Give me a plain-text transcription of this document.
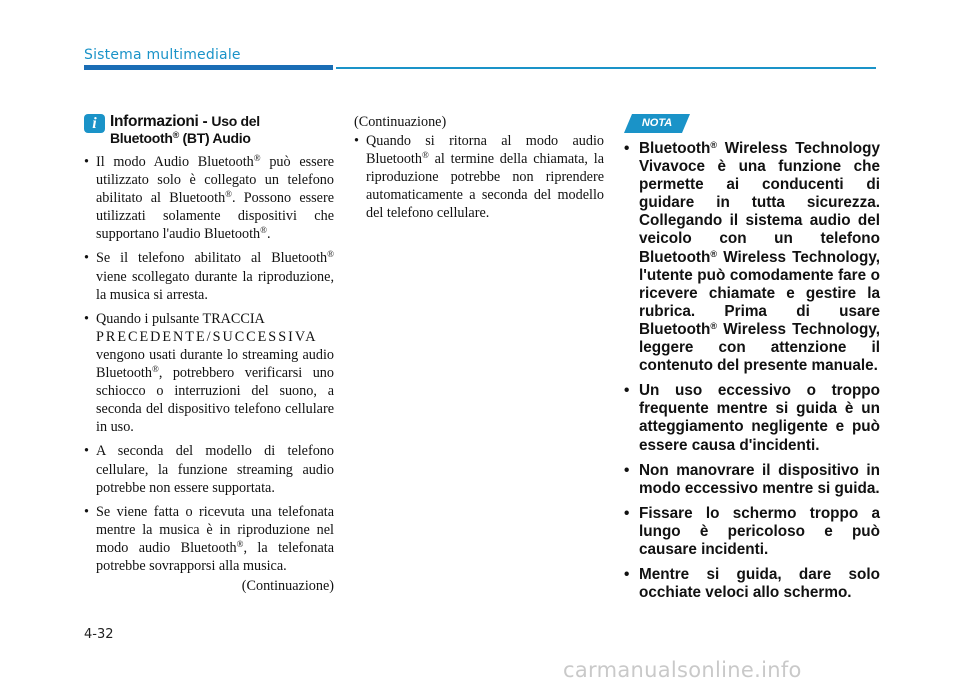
Sistema multimediale
i Informazioni - Uso del
Bluetooth® (BT) Audio
• Il modo Audio Bluetooth® può essere utilizzato solo è collegato un telefono abilitato al Bluetooth®. Possono essere utilizzati solamente dispositivi che supportano l'audio Bluetooth®.
• Se il telefono abilitato al Bluetooth® viene scollegato durante la riproduzione, la musica si arresta.
• Quando i pulsante TRACCIA
PRECEDENTE/SUCCESSIVA vengono usati durante lo streaming audio Bluetooth®, potrebbero verificarsi uno schiocco o interruzioni del suono, a seconda del dispositivo telefono cellulare in uso.
• A seconda del modello di telefono cellulare, la funzione streaming audio potrebbe non essere supportata.
• Se viene fatta o ricevuta una telefonata mentre la musica è in riproduzione nel modo audio Bluetooth®, la telefonata potrebbe sovrapporsi alla musica.
(Continuazione)
(Continuazione)
• Quando si ritorna al modo audio Bluetooth® al termine della chiamata, la riproduzione potrebbe non riprendere automaticamente a seconda del modello del telefono cellulare.
NOTA
• Bluetooth® Wireless Technology Vivavoce è una funzione che permette ai conducenti di guidare in tutta sicurezza. Collegando il sistema audio del veicolo con un telefono Bluetooth® Wireless Technology, l'utente può comodamente fare o ricevere chiamate e gestire la rubrica. Prima di usare Bluetooth® Wireless Technology, leggere con attenzione il contenuto del presente manuale.
• Un uso eccessivo o troppo frequente mentre si guida è un atteggiamento negligente e può essere causa d'incidenti.
• Non manovrare il dispositivo in modo eccessivo mentre si guida.
• Fissare lo schermo troppo a lungo è pericoloso e può causare incidenti.
• Mentre si guida, dare solo occhiate veloci allo schermo.
4-32
carmanualsonline.info
